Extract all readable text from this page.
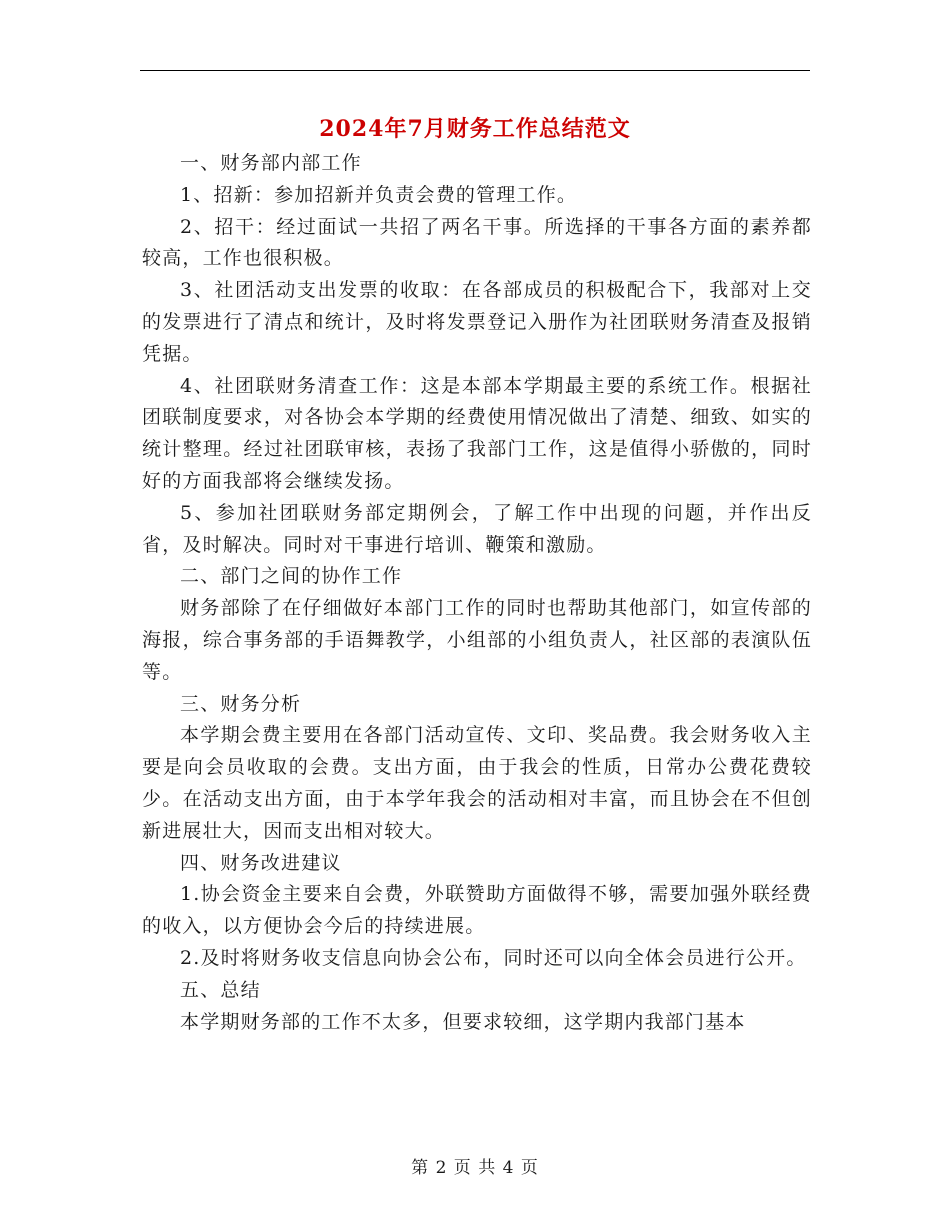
2024年7月财务工作总结范文

一、财务部内部工作

1、招新：参加招新并负责会费的管理工作。

2、招干：经过面试一共招了两名干事。所选择的干事各方面的素养都较高，工作也很积极。

3、社团活动支出发票的收取：在各部成员的积极配合下，我部对上交的发票进行了清点和统计，及时将发票登记入册作为社团联财务清查及报销凭据。

4、社团联财务清查工作：这是本部本学期最主要的系统工作。根据社团联制度要求，对各协会本学期的经费使用情况做出了清楚、细致、如实的统计整理。经过社团联审核，表扬了我部门工作，这是值得小骄傲的，同时好的方面我部将会继续发扬。

5、参加社团联财务部定期例会，了解工作中出现的问题，并作出反省，及时解决。同时对干事进行培训、鞭策和激励。

二、部门之间的协作工作

财务部除了在仔细做好本部门工作的同时也帮助其他部门，如宣传部的海报，综合事务部的手语舞教学，小组部的小组负责人，社区部的表演队伍等。

三、财务分析

本学期会费主要用在各部门活动宣传、文印、奖品费。我会财务收入主要是向会员收取的会费。支出方面，由于我会的性质，日常办公费花费较少。在活动支出方面，由于本学年我会的活动相对丰富，而且协会在不但创新进展壮大，因而支出相对较大。

四、财务改进建议

1.协会资金主要来自会费，外联赞助方面做得不够，需要加强外联经费的收入，以方便协会今后的持续进展。

2.及时将财务收支信息向协会公布，同时还可以向全体会员进行公开。

五、总结

本学期财务部的工作不太多，但要求较细，这学期内我部门基本

第 2 页 共 4 页
